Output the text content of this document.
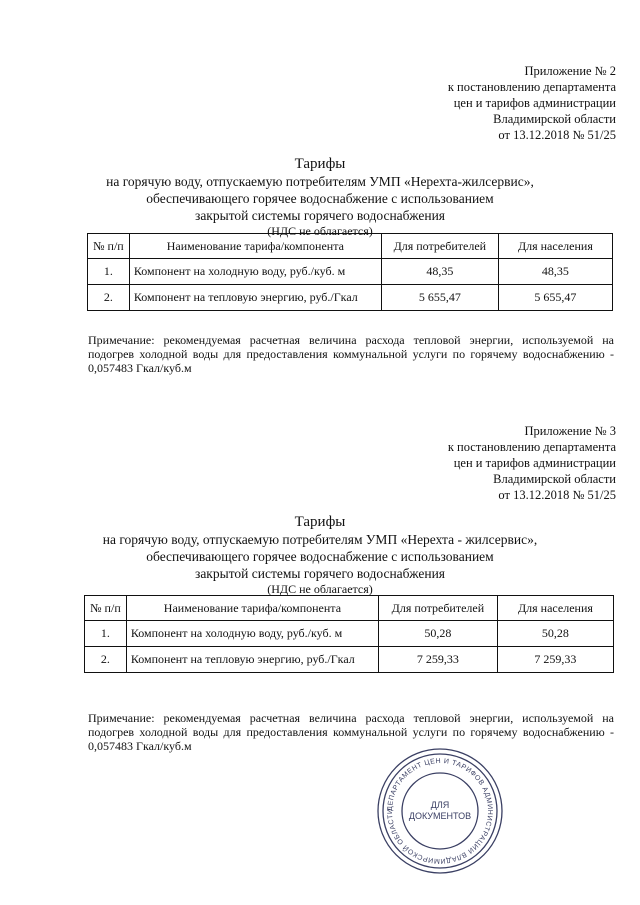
Приложение № 2
к постановлению департамента
цен и тарифов администрации
Владимирской области
от 13.12.2018 № 51/25
Тарифы
на горячую воду, отпускаемую потребителям УМП «Нерехта-жилсервис»,
обеспечивающего горячее водоснабжение с использованием
закрытой системы горячего водоснабжения
(НДС не облагается)
№ п/п	Наименование тарифа/компонента	Для потребителей	Для населения
1.	Компонент на холодную воду, руб./куб. м	48,35	48,35
2.	Компонент на тепловую энергию, руб./Гкал	5 655,47	5 655,47
Примечание: рекомендуемая расчетная величина расхода тепловой энергии, используемой на подогрев холодной воды для предоставления коммунальной услуги по горячему водоснабжению - 0,057483 Гкал/куб.м
Приложение № 3
к постановлению департамента
цен и тарифов администрации
Владимирской области
от 13.12.2018 № 51/25
Тарифы
на горячую воду, отпускаемую потребителям УМП «Нерехта - жилсервис»,
обеспечивающего горячее водоснабжение с использованием
закрытой системы горячего водоснабжения
(НДС не облагается)
№ п/п	Наименование тарифа/компонента	Для потребителей	Для населения
1.	Компонент на холодную воду, руб./куб. м	50,28	50,28
2.	Компонент на тепловую энергию, руб./Гкал	7 259,33	7 259,33
Примечание: рекомендуемая расчетная величина расхода тепловой энергии, используемой на подогрев холодной воды для предоставления коммунальной услуги по горячему водоснабжению - 0,057483 Гкал/куб.м
ДЕПАРТАМЕНТ ЦЕН И ТАРИФОВ АДМИНИСТРАЦИИ ВЛАДИМИРСКОЙ ОБЛАСТИ
ДЛЯ
ДОКУМЕНТОВ
